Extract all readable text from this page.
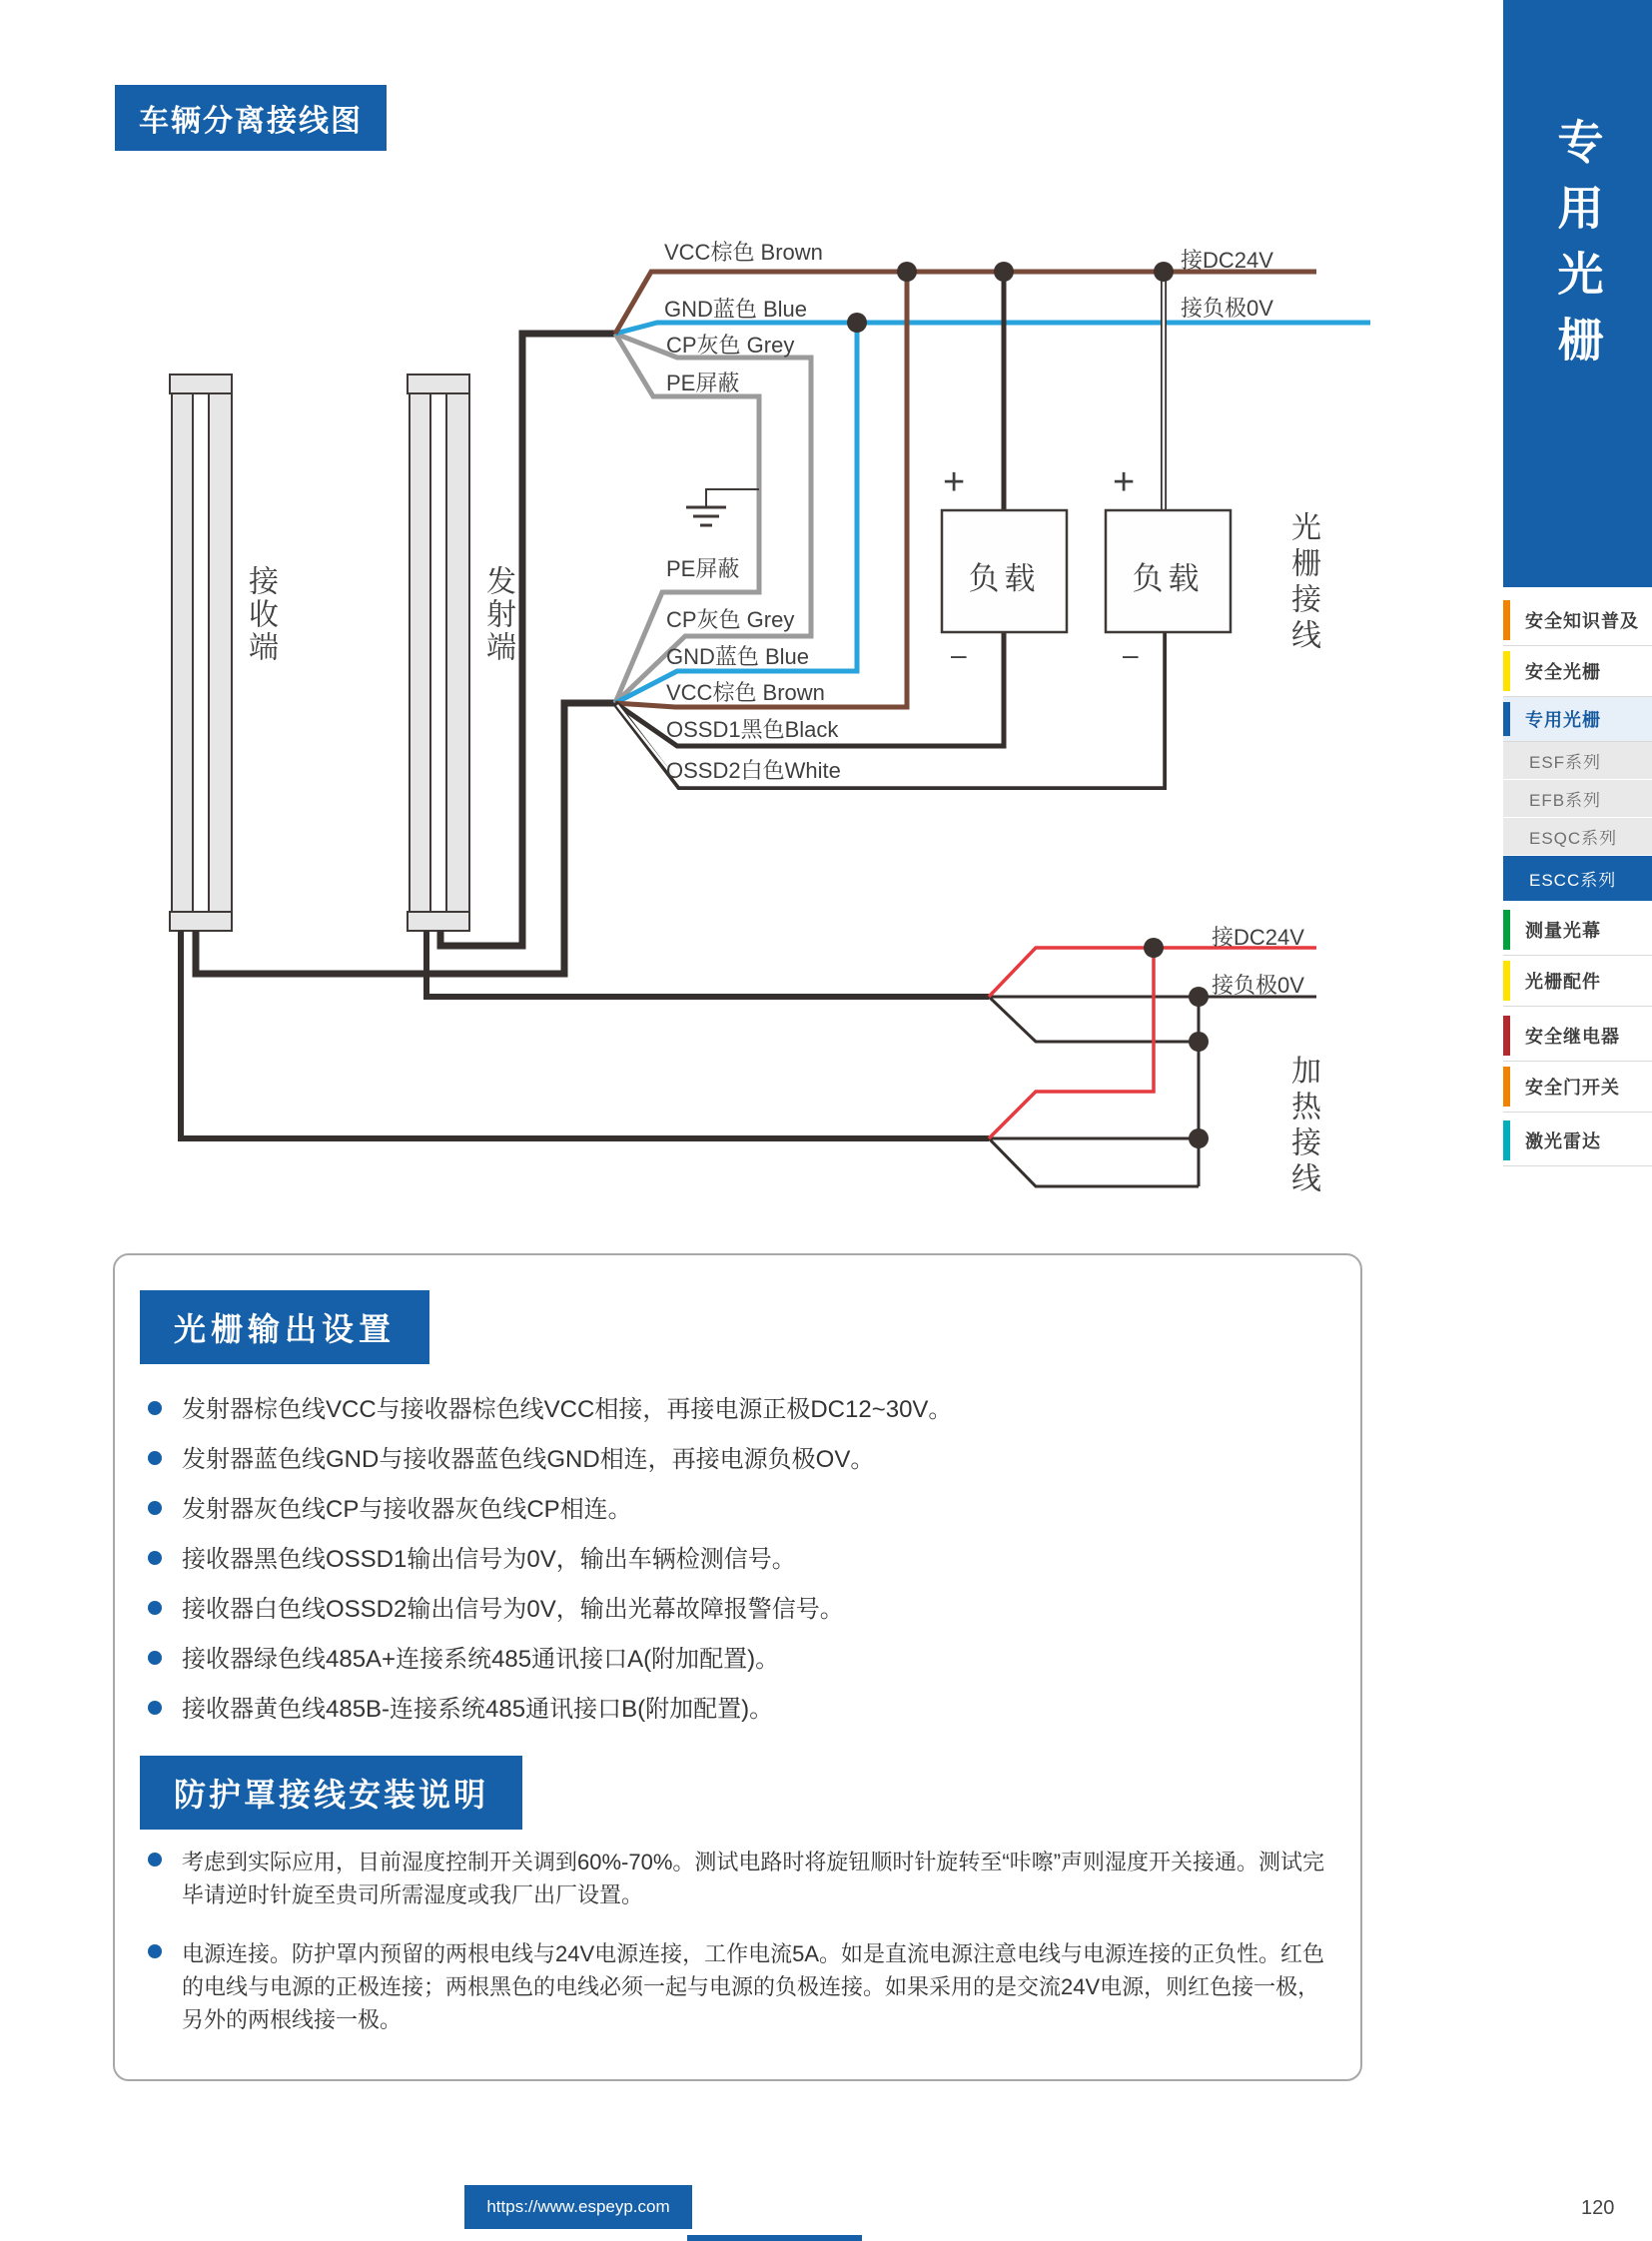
车辆分离接线图
VCC棕色 Brown
GND蓝色 Blue
CP灰色 Grey
PE屏蔽
PE屏蔽
CP灰色 Grey
GND蓝色 Blue
VCC棕色 Brown
OSSD1黑色Black
OSSD2白色White
接DC24V
接负极0V
接DC24V
接负极0V
接收端	发射端	光栅接线
加热接线
负载	负载
+	+
–	–
专用光栅
安全知识普及
安全光栅
专用光栅
ESF系列
EFB系列
ESQC系列
ESCC系列
测量光幕
光栅配件
安全继电器
安全门开关
激光雷达
光栅输出设置
发射器棕色线VCC与接收器棕色线VCC相接，再接电源正极DC12~30V。
发射器蓝色线GND与接收器蓝色线GND相连，再接电源负极OV。
发射器灰色线CP与接收器灰色线CP相连。
接收器黑色线OSSD1输出信号为0V，输出车辆检测信号。
接收器白色线OSSD2输出信号为0V，输出光幕故障报警信号。
接收器绿色线485A+连接系统485通讯接口A(附加配置)。
接收器黄色线485B-连接系统485通讯接口B(附加配置)。
防护罩接线安装说明
考虑到实际应用，目前湿度控制开关调到60%-70%。测试电路时将旋钮顺时针旋转至“咔嚓”声则湿度开关接通。测试完毕请逆时针旋至贵司所需湿度或我厂出厂设置。
电源连接。防护罩内预留的两根电线与24V电源连接，工作电流5A。如是直流电源注意电线与电源连接的正负性。红色的电线与电源的正极连接；两根黑色的电线必须一起与电源的负极连接。如果采用的是交流24V电源，则红色接一极，另外的两根线接一极。
https://www.espeyp.com	120
